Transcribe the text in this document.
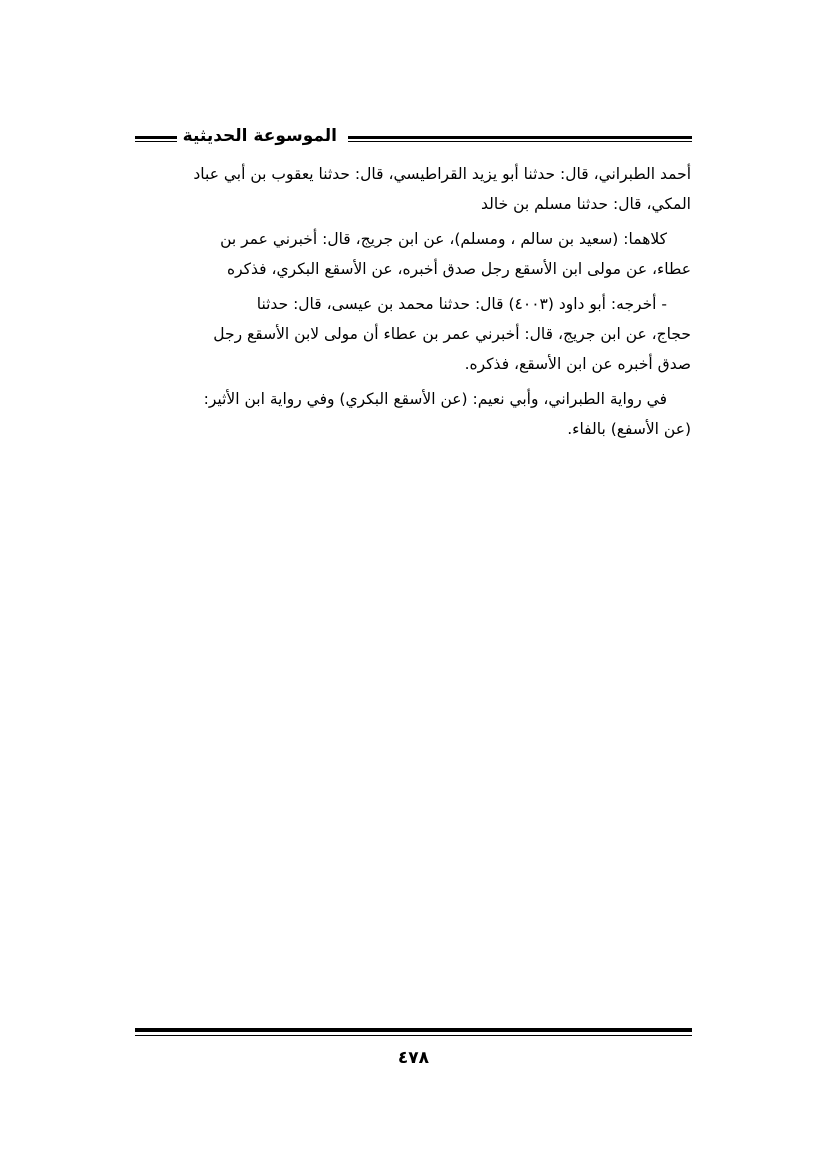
الموسوعة الحديثية

أحمد الطبراني، قال: حدثنا أبو يزيد القراطيسي، قال: حدثنا يعقوب بن أبي عباد
المكي، قال: حدثنا مسلم بن خالد

كلاهما: (سعيد بن سالم ، ومسلم)، عن ابن جريج، قال: أخبرني عمر بن
عطاء، عن مولى ابن الأسقع رجل صدق أخبره، عن الأسقع البكري، فذكره

- أخرجه: أبو داود (٤٠٠٣) قال: حدثنا محمد بن عيسى، قال: حدثنا
حجاج، عن ابن جريج، قال: أخبرني عمر بن عطاء أن مولى لابن الأسقع رجل
صدق أخبره عن ابن الأسقع، فذكره.

في رواية الطبراني، وأبي نعيم: (عن الأسقع البكري) وفي رواية ابن الأثير:
(عن الأسفع) بالفاء.

٤٧٨
